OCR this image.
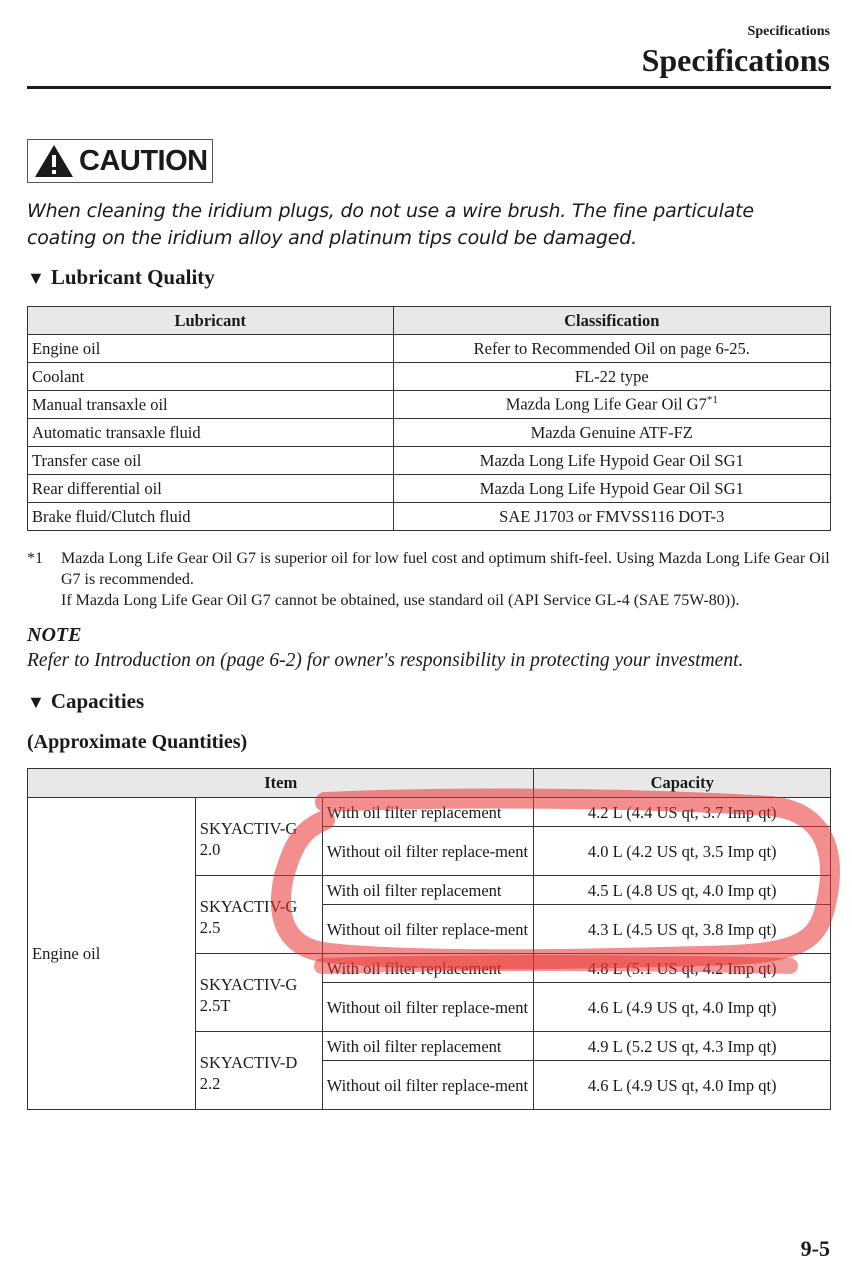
Specifications
Specifications
CAUTION
When cleaning the iridium plugs, do not use a wire brush. The fine particulate coating on the iridium alloy and platinum tips could be damaged.
▼ Lubricant Quality
Lubricant	Classification
Engine oil	Refer to Recommended Oil on page 6-25.
Coolant	FL-22 type
Manual transaxle oil	Mazda Long Life Gear Oil G7$^{*1}$
Automatic transaxle fluid	Mazda Genuine ATF-FZ
Transfer case oil	Mazda Long Life Hypoid Gear Oil SG1
Rear differential oil	Mazda Long Life Hypoid Gear Oil SG1
Brake fluid/Clutch fluid	SAE J1703 or FMVSS116 DOT-3
*1 Mazda Long Life Gear Oil G7 is superior oil for low fuel cost and optimum shift-feel. Using Mazda Long Life Gear Oil G7 is recommended.
If Mazda Long Life Gear Oil G7 cannot be obtained, use standard oil (API Service GL-4 (SAE 75W-80)).
NOTE
Refer to Introduction on (page 6-2) for owner's responsibility in protecting your investment.
▼ Capacities
(Approximate Quantities)
Item			Capacity
Engine oil	SKYACTIV-G 2.0	With oil filter replacement	4.2 L (4.4 US qt, 3.7 Imp qt)
		Without oil filter replace-ment	4.0 L (4.2 US qt, 3.5 Imp qt)
	SKYACTIV-G 2.5	With oil filter replacement	4.5 L (4.8 US qt, 4.0 Imp qt)
		Without oil filter replace-ment	4.3 L (4.5 US qt, 3.8 Imp qt)
	SKYACTIV-G 2.5T	With oil filter replacement	4.8 L (5.1 US qt, 4.2 Imp qt)
		Without oil filter replace-ment	4.6 L (4.9 US qt, 4.0 Imp qt)
	SKYACTIV-D 2.2	With oil filter replacement	4.9 L (5.2 US qt, 4.3 Imp qt)
		Without oil filter replace-ment	4.6 L (4.9 US qt, 4.0 Imp qt)
9-5
